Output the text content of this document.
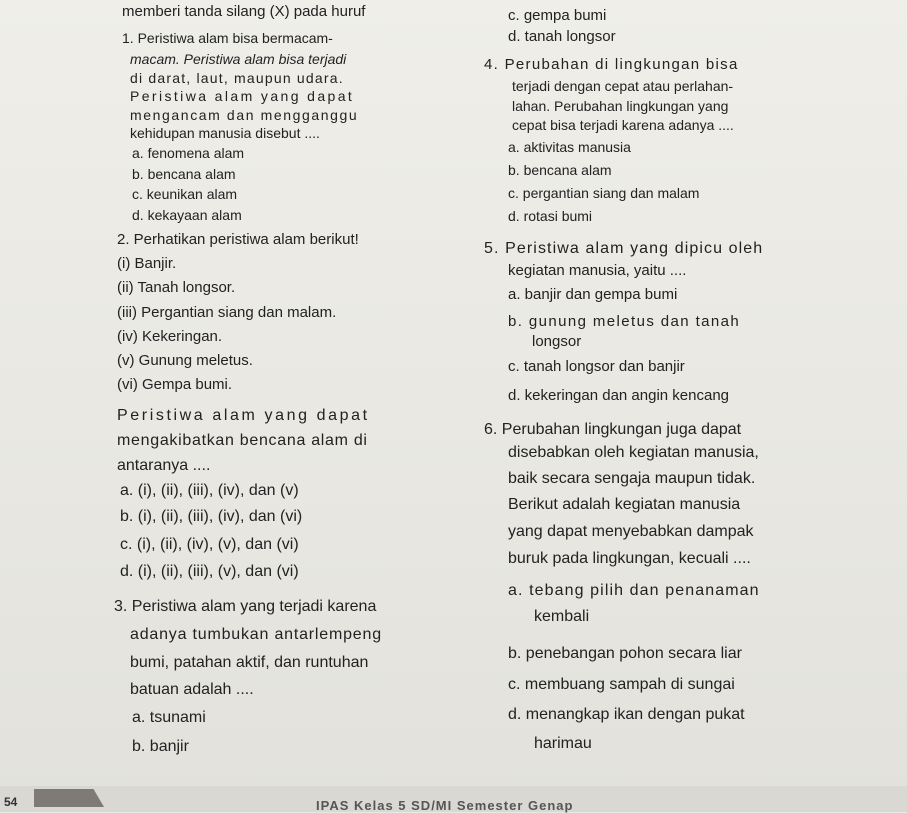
memberi tanda silang (X) pada huruf
1. Peristiwa alam bisa bermacam-
macam. Peristiwa alam bisa terjadi
di darat, laut, maupun udara.
Peristiwa alam yang dapat
mengancam dan mengganggu
kehidupan manusia disebut ....
a. fenomena alam
b. bencana alam
c. keunikan alam
d. kekayaan alam
2. Perhatikan peristiwa alam berikut!
(i) Banjir.
(ii) Tanah longsor.
(iii) Pergantian siang dan malam.
(iv) Kekeringan.
(v) Gunung meletus.
(vi) Gempa bumi.
Peristiwa alam yang dapat
mengakibatkan bencana alam di
antaranya ....
a. (i), (ii), (iii), (iv), dan (v)
b. (i), (ii), (iii), (iv), dan (vi)
c. (i), (ii), (iv), (v), dan (vi)
d. (i), (ii), (iii), (v), dan (vi)
3. Peristiwa alam yang terjadi karena
adanya tumbukan antarlempeng
bumi, patahan aktif, dan runtuhan
batuan adalah ....
a. tsunami
b. banjir
c. gempa bumi
d. tanah longsor
4. Perubahan di lingkungan bisa
terjadi dengan cepat atau perlahan-
lahan. Perubahan lingkungan yang
cepat bisa terjadi karena adanya ....
a. aktivitas manusia
b. bencana alam
c. pergantian siang dan malam
d. rotasi bumi
5. Peristiwa alam yang dipicu oleh
kegiatan manusia, yaitu ....
a. banjir dan gempa bumi
b. gunung meletus dan tanah
longsor
c. tanah longsor dan banjir
d. kekeringan dan angin kencang
6. Perubahan lingkungan juga dapat
disebabkan oleh kegiatan manusia,
baik secara sengaja maupun tidak.
Berikut adalah kegiatan manusia
yang dapat menyebabkan dampak
buruk pada lingkungan, kecuali ....
a. tebang pilih dan penanaman
kembali
b. penebangan pohon secara liar
c. membuang sampah di sungai
d. menangkap ikan dengan pukat
harimau
54	IPAS Kelas 5 SD/MI Semester Genap
